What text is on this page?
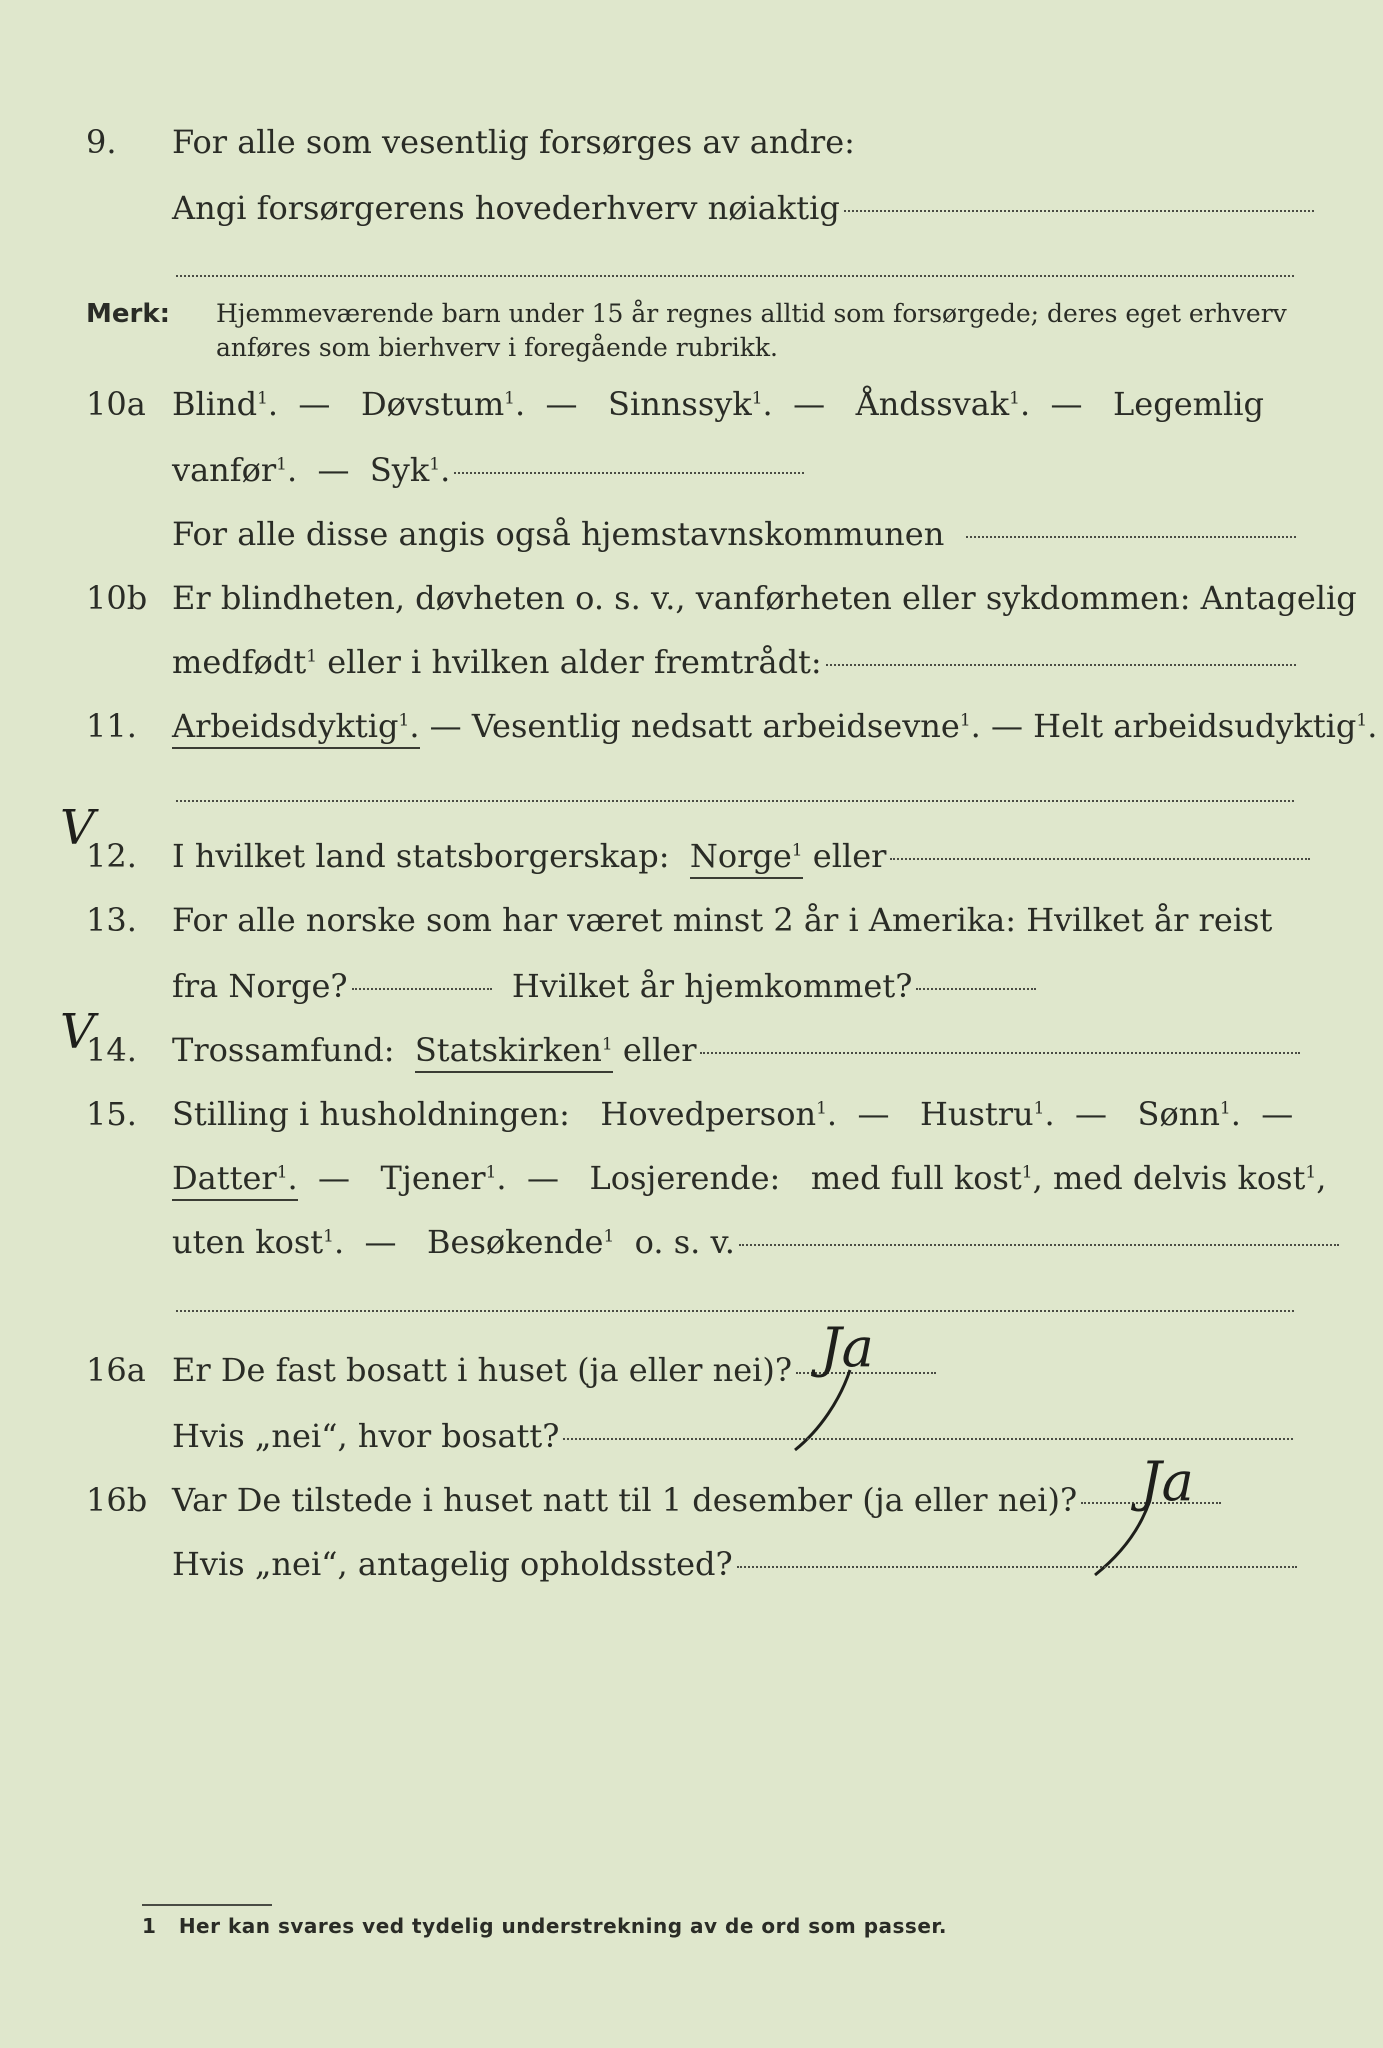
9.	For alle som vesentlig forsørges av andre:
Angi forsørgerens hovederhverv nøiaktig
Merk: Hjemmeværende barn under 15 år regnes alltid som forsørgede; deres eget erhverv
anføres som bierhverv i foregående rubrikk.
10a Blind$^1$.  — Døvstum$^1$.  — Sinnssyk$^1$.  — Åndssvak$^1$.  — Legemlig
vanfør$^1$.  — Syk$^1$.
For alle disse angis også hjemstavnskommunen
10b Er blindheten, døvheten o. s. v., vanførheten eller sykdommen: Antagelig
medfødt$^1$ eller i hvilken alder fremtrådt:
11.	Arbeidsdyktig$^1$. — Vesentlig nedsatt arbeidsevne$^1$. — Helt arbeidsudyktig$^1$.
V
12.	I hvilket land statsborgerskap: Norge$^1$ eller
13.	For alle norske som har været minst 2 år i Amerika: Hvilket år reist
fra Norge?	Hvilket år hjemkommet?
V
14.	Trossamfund: Statskirken$^1$ eller
15.	Stilling i husholdningen: Hovedperson$^1$.  — Hustru$^1$.  — Sønn$^1$.  —
Datter$^1$. — Tjener$^1$.  — Losjerende: med full kost$^1$, med delvis kost$^1$,
uten kost$^1$.  — Besøkende$^1$ o. s. v.
16a Er De fast bosatt i huset (ja eller nei)? Ja
Hvis „nei“, hvor bosatt?
16b Var De tilstede i huset natt til 1 desember (ja eller nei)?	Ja
Hvis „nei“, antagelig opholdssted?
1 Her kan svares ved tydelig understrekning av de ord som passer.
